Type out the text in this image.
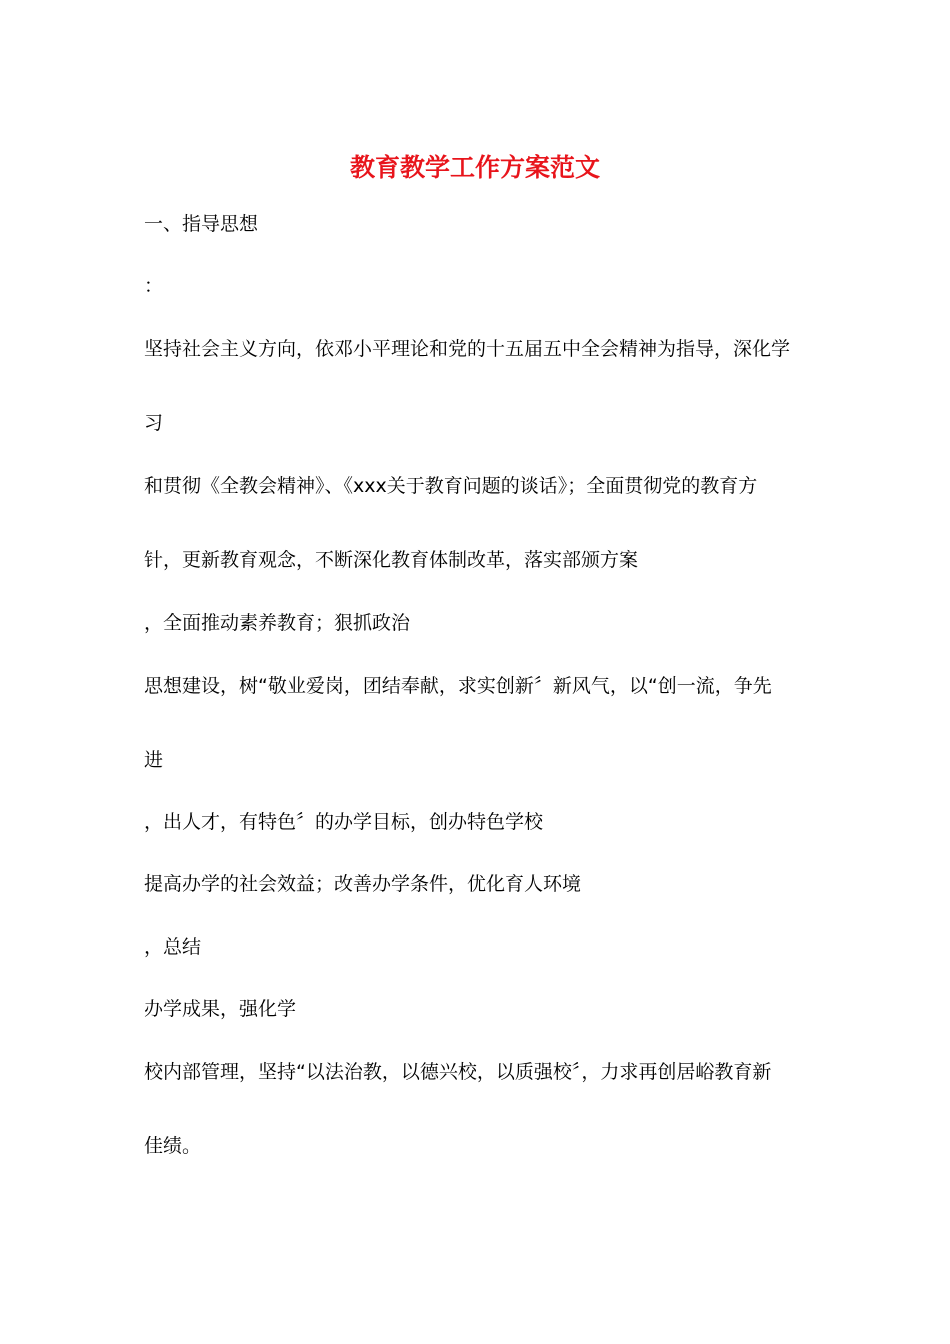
教育教学工作方案范文

一、指导思想

：

坚持社会主义方向，依邓小平理论和党的十五届五中全会精神为指导，深化学

习

和贯彻《全教会精神》、《xxx关于教育问题的谈话》；全面贯彻党的教育方

针，更新教育观念，不断深化教育体制改革，落实部颁方案

，全面推动素养教育；狠抓政治

思想建设，树“敬业爱岗，团结奉献，求实创新〞新风气，以“创一流，争先

进

，出人才，有特色〞的办学目标，创办特色学校

提高办学的社会效益；改善办学条件，优化育人环境

，总结

办学成果，强化学

校内部管理，坚持“以法治教，以德兴校，以质强校〞，力求再创居峪教育新

佳绩。
